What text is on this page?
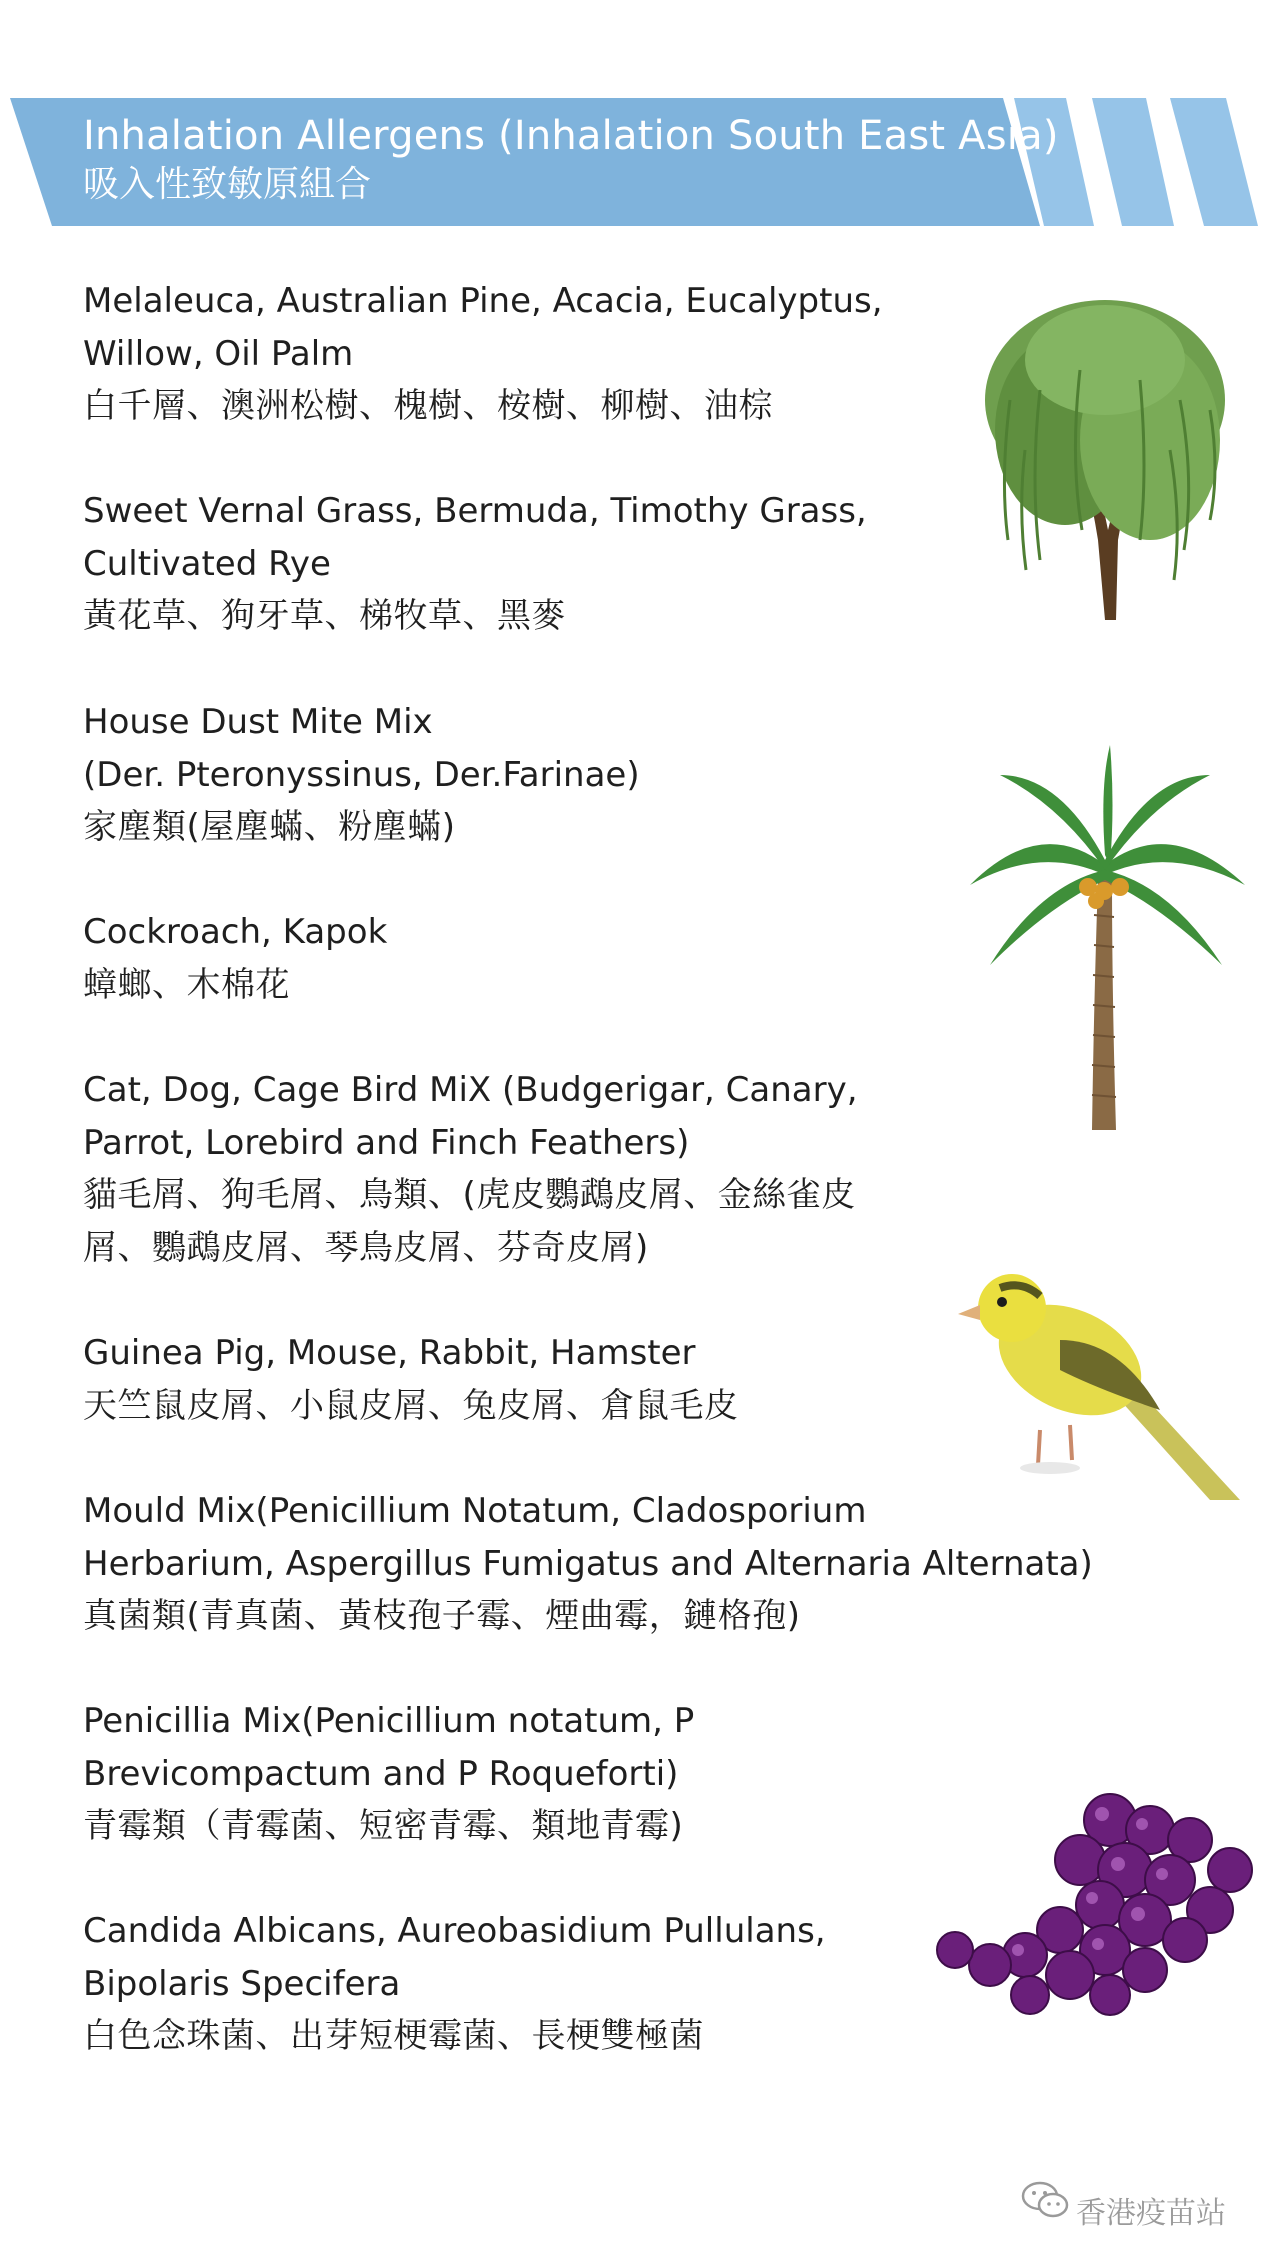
Inhalation Allergens (Inhalation South East Asia)
吸入性致敏原組合
Melaleuca, Australian Pine, Acacia, Eucalyptus,
Willow, Oil Palm
白千層、澳洲松樹、槐樹、桉樹、柳樹、油棕
Sweet Vernal Grass, Bermuda, Timothy Grass,
Cultivated Rye
黃花草、狗牙草、梯牧草、黑麥
House Dust Mite Mix
(Der. Pteronyssinus, Der.Farinae)
家塵類(屋塵蟎、粉塵蟎)
Cockroach, Kapok
蟑螂、木棉花
Cat, Dog, Cage Bird MiX (Budgerigar, Canary,
Parrot, Lorebird and Finch Feathers)
貓毛屑、狗毛屑、鳥類、(虎皮鸚鵡皮屑、金絲雀皮
屑、鸚鵡皮屑、琴鳥皮屑、芬奇皮屑)
Guinea Pig, Mouse, Rabbit, Hamster
天竺鼠皮屑、小鼠皮屑、兔皮屑、倉鼠毛皮
Mould Mix(Penicillium Notatum, Cladosporium
Herbarium, Aspergillus Fumigatus and Alternaria Alternata)
真菌類(青真菌、黃枝孢子霉、煙曲霉，鏈格孢)
Penicillia Mix(Penicillium notatum, P
Brevicompactum and P Roqueforti)
青霉類（青霉菌、短密青霉、類地青霉)
Candida Albicans, Aureobasidium Pullulans,
Bipolaris Specifera
白色念珠菌、出芽短梗霉菌、長梗雙極菌
香港疫苗站
